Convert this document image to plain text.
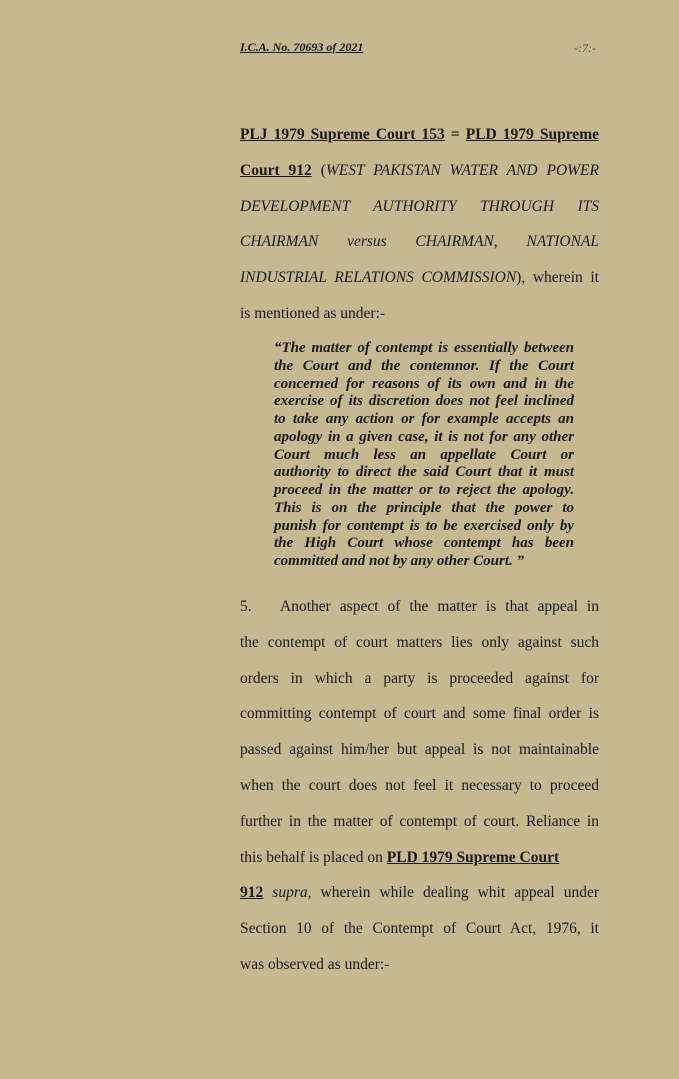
I.C.A. No. 70693 of 2021	-:7:-
PLJ 1979 Supreme Court 153 = PLD 1979 Supreme
Court 912 (WEST PAKISTAN WATER AND POWER
DEVELOPMENT AUTHORITY THROUGH ITS
CHAIRMAN versus CHAIRMAN, NATIONAL
INDUSTRIAL RELATIONS COMMISSION), wherein it
is mentioned as under:-
“The matter of contempt is essentially between
the Court and the contemnor. If the Court
concerned for reasons of its own and in the
exercise of its discretion does not feel inclined
to take any action or for example accepts an
apology in a given case, it is not for any other
Court much less an appellate Court or
authority to direct the said Court that it must
proceed in the matter or to reject the apology.
This is on the principle that the power to
punish for contempt is to be exercised only by
the High Court whose contempt has been
committed and not by any other Court. ”
5. Another aspect of the matter is that appeal in
the contempt of court matters lies only against such
orders in which a party is proceeded against for
committing contempt of court and some final order is
passed against him/her but appeal is not maintainable
when the court does not feel it necessary to proceed
further in the matter of contempt of court. Reliance in
this behalf is placed on PLD 1979 Supreme Court
912 supra, wherein while dealing whit appeal under
Section 10 of the Contempt of Court Act, 1976, it
was observed as under:-
